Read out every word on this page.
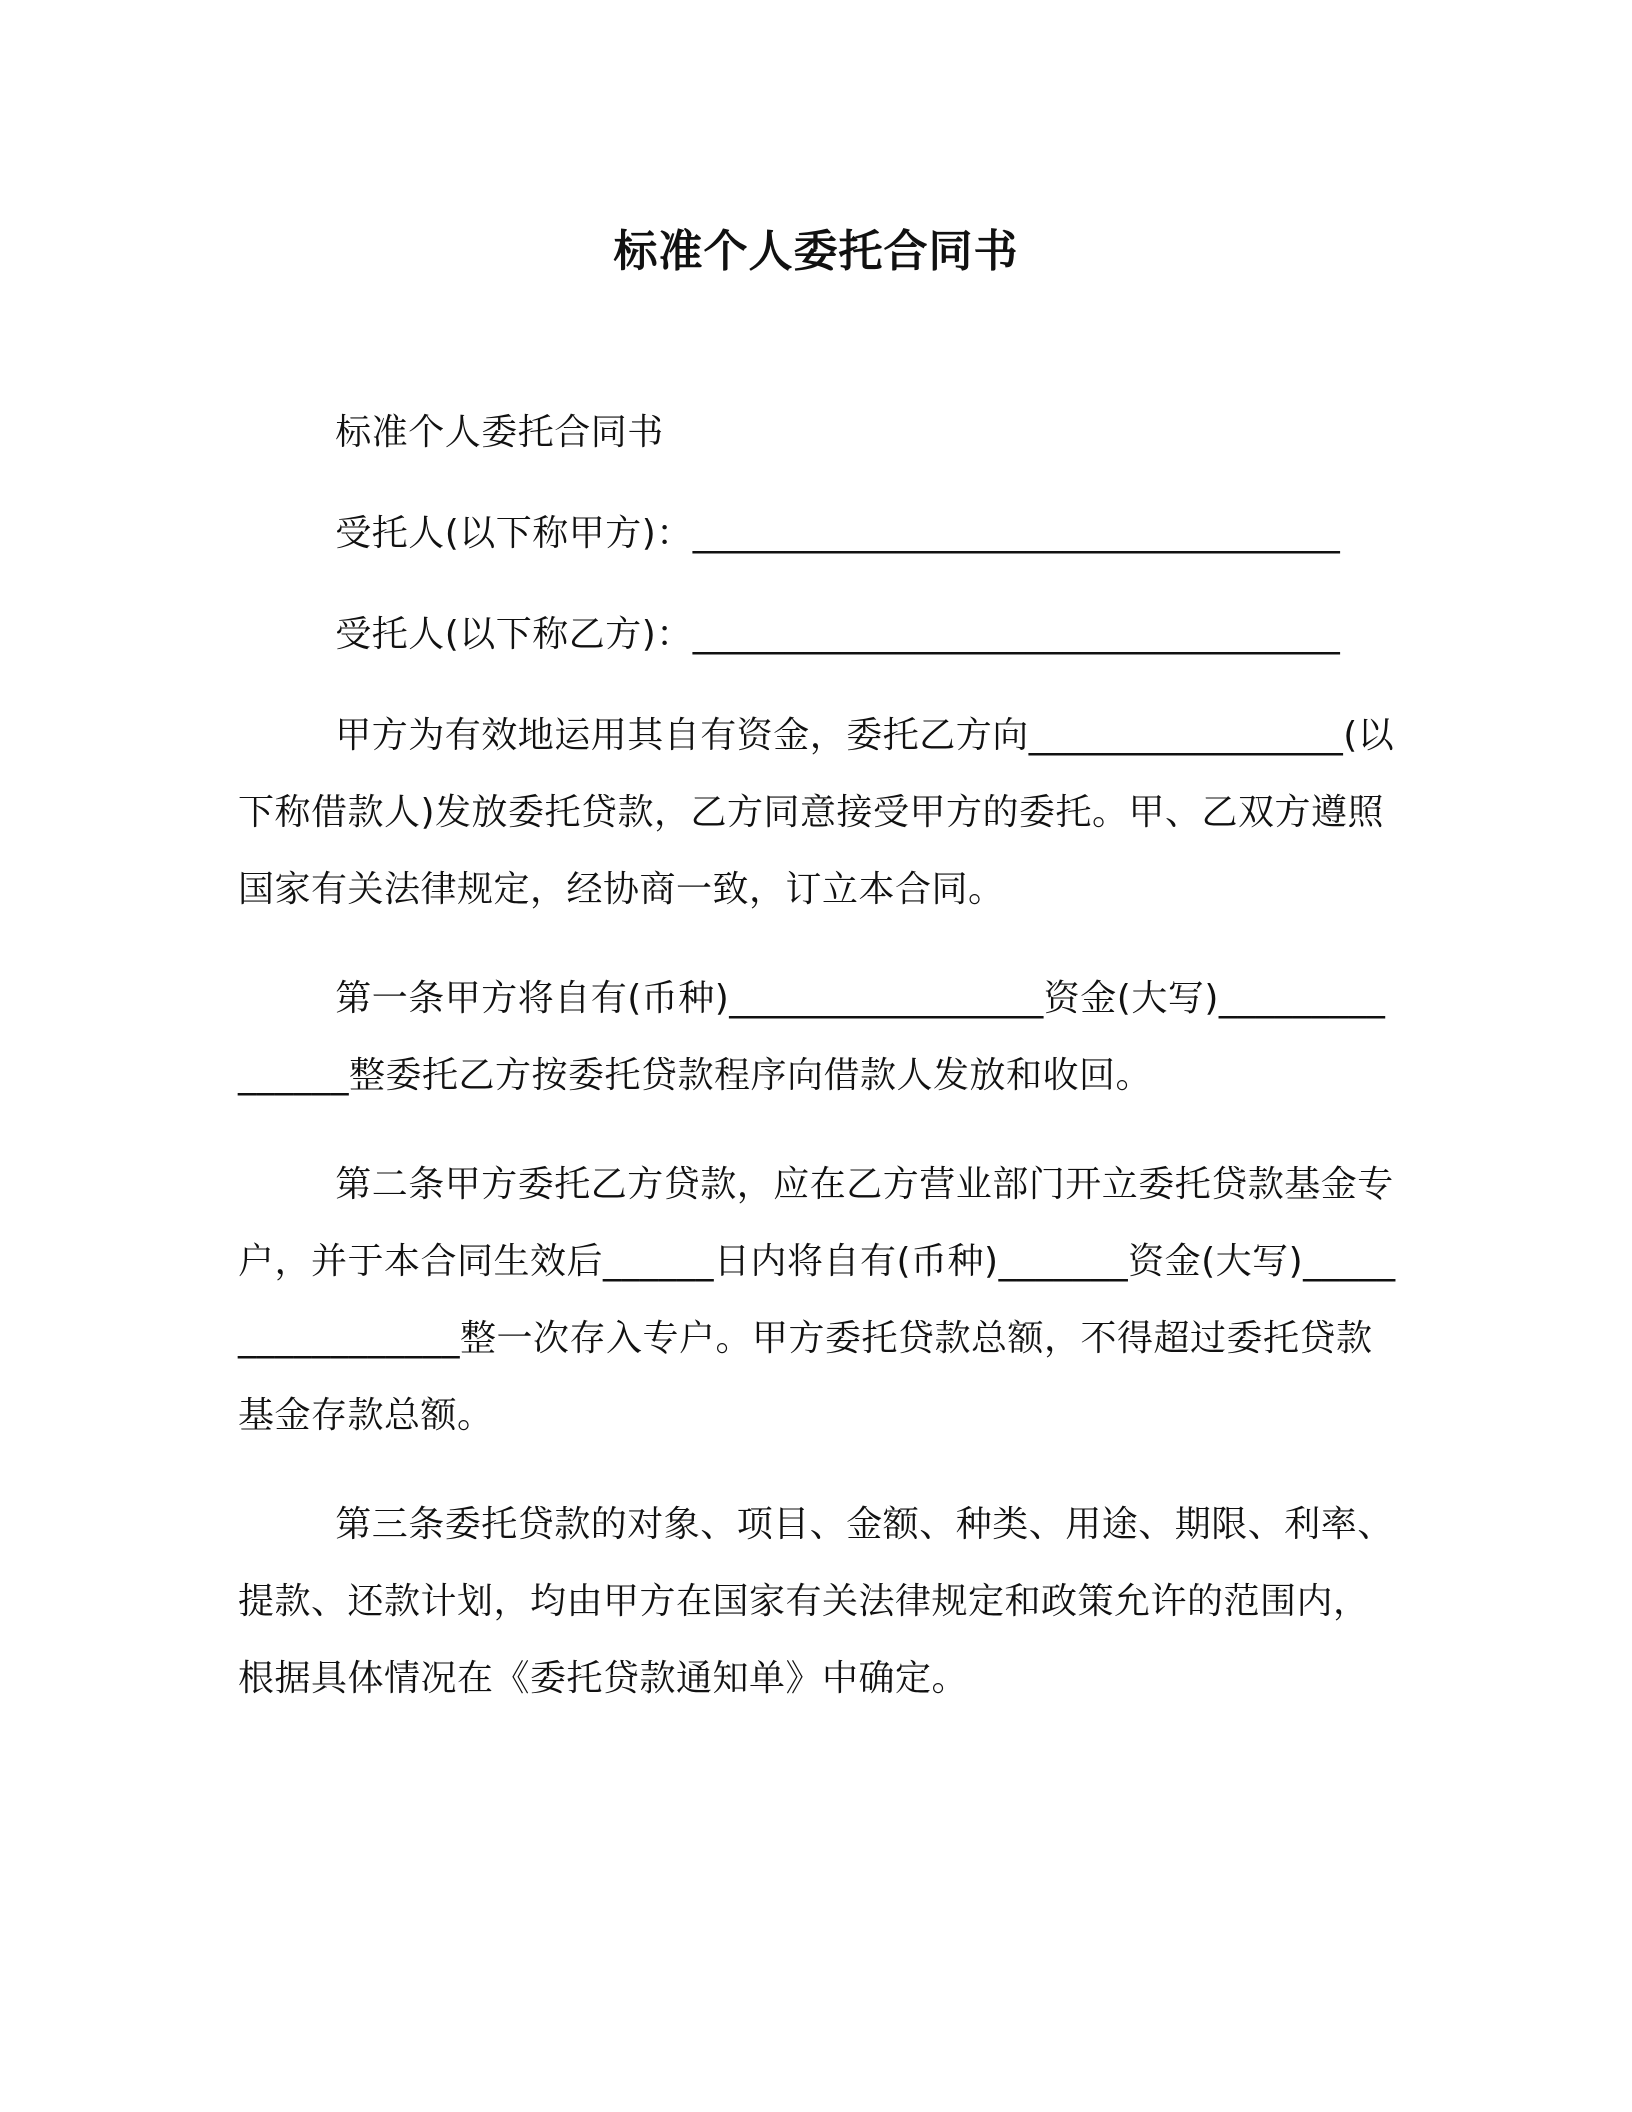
标准个人委托合同书

标准个人委托合同书

受托人(以下称甲方)：___________________________________

受托人(以下称乙方)：___________________________________

甲方为有效地运用其自有资金，委托乙方向_________________(以下称借款人)发放委托贷款，乙方同意接受甲方的委托。甲、乙双方遵照国家有关法律规定，经协商一致，订立本合同。

第一条甲方将自有(币种)_________________资金(大写)_______________整委托乙方按委托贷款程序向借款人发放和收回。

第二条甲方委托乙方贷款，应在乙方营业部门开立委托贷款基金专户，并于本合同生效后______日内将自有(币种)_______资金(大写)_________________整一次存入专户。甲方委托贷款总额，不得超过委托贷款基金存款总额。

第三条委托贷款的对象、项目、金额、种类、用途、期限、利率、提款、还款计划，均由甲方在国家有关法律规定和政策允许的范围内，根据具体情况在《委托贷款通知单》中确定。
